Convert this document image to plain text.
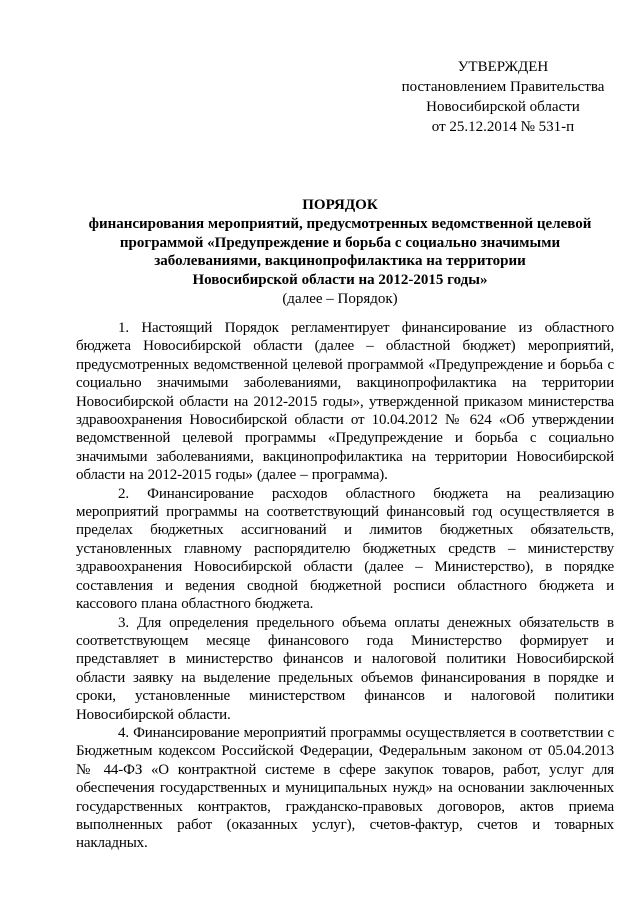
УТВЕРЖДЕН
постановлением Правительства
Новосибирской области
от 25.12.2014 № 531-п
ПОРЯДОК
финансирования мероприятий, предусмотренных ведомственной целевой
программой «Предупреждение и борьба с социально значимыми
заболеваниями, вакцинопрофилактика на территории
Новосибирской области на 2012-2015 годы»
(далее – Порядок)

1. Настоящий Порядок регламентирует финансирование из областного бюджета Новосибирской области (далее – областной бюджет) мероприятий, предусмотренных ведомственной целевой программой «Предупреждение и борьба с социально значимыми заболеваниями, вакцинопрофилактика на территории Новосибирской области на 2012-2015 годы», утвержденной приказом министерства здравоохранения Новосибирской области от 10.04.2012 № 624 «Об утверждении ведомственной целевой программы «Предупреждение и борьба с социально значимыми заболеваниями, вакцинопрофилактика на территории Новосибирской области на 2012-2015 годы» (далее – программа).

2. Финансирование расходов областного бюджета на реализацию мероприятий программы на соответствующий финансовый год осуществляется в пределах бюджетных ассигнований и лимитов бюджетных обязательств, установленных главному распорядителю бюджетных средств – министерству здравоохранения Новосибирской области (далее – Министерство), в порядке составления и ведения сводной бюджетной росписи областного бюджета и кассового плана областного бюджета.

3. Для определения предельного объема оплаты денежных обязательств в соответствующем месяце финансового года Министерство формирует и представляет в министерство финансов и налоговой политики Новосибирской области заявку на выделение предельных объемов финансирования в порядке и сроки, установленные министерством финансов и налоговой политики Новосибирской области.

4. Финансирование мероприятий программы осуществляется в соответствии с Бюджетным кодексом Российской Федерации, Федеральным законом от 05.04.2013 № 44-ФЗ «О контрактной системе в сфере закупок товаров, работ, услуг для обеспечения государственных и муниципальных нужд» на основании заключенных государственных контрактов, гражданско-правовых договоров, актов приема выполненных работ (оказанных услуг), счетов-фактур, счетов и товарных накладных.
